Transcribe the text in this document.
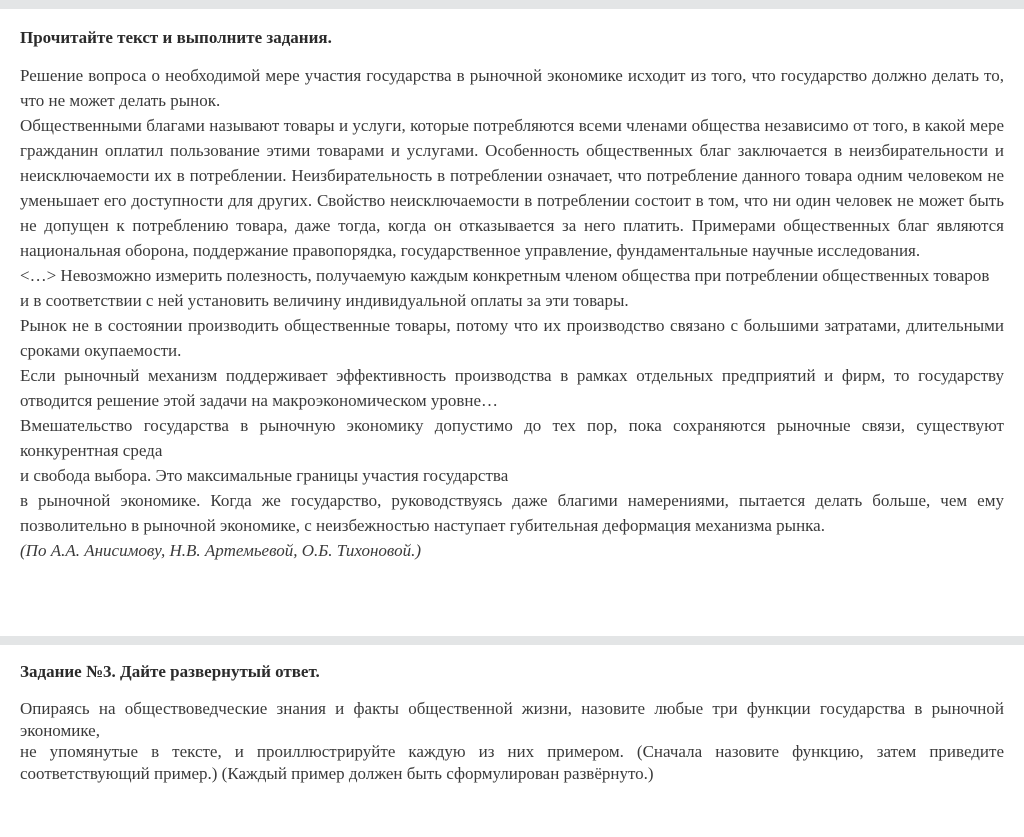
Прочитайте текст и выполните задания.

Решение вопроса о необходимой мере участия государства в рыночной экономике исходит из того, что государство должно делать то, что не может делать рынок.

Общественными благами называют товары и услуги, которые потребляются всеми членами общества независимо от того, в какой мере гражданин оплатил пользование этими товарами и услугами. Особенность общественных благ заключается в неизбирательности и неисключаемости их в потреблении. Неизбирательность в потреблении означает, что потребление данного товара одним человеком не уменьшает его доступности для других. Свойство неисключаемости в потреблении состоит в том, что ни один человек не может быть не допущен к потреблению товара, даже тогда, когда он отказывается за него платить. Примерами общественных благ являются национальная оборона, поддержание правопорядка, государственное управление, фундаментальные научные исследования.

<…> Невозможно измерить полезность, получаемую каждым конкретным членом общества при потреблении общественных товаров

и в соответствии с ней установить величину индивидуальной оплаты за эти товары.

Рынок не в состоянии производить общественные товары, потому что их производство связано с большими затратами, длительными сроками окупаемости.

Если рыночный механизм поддерживает эффективность производства в рамках отдельных предприятий и фирм, то государству отводится решение этой задачи на макроэкономическом уровне…

Вмешательство государства в рыночную экономику допустимо до тех пор, пока сохраняются рыночные связи, существуют конкурентная среда

и свобода выбора. Это максимальные границы участия государства

в рыночной экономике. Когда же государство, руководствуясь даже благими намерениями, пытается делать больше, чем ему позволительно в рыночной экономике, с неизбежностью наступает губительная деформация механизма рынка.

(По А.А. Анисимову, Н.В. Артемьевой, О.Б. Тихоновой.)

Задание №3. Дайте развернутый ответ.

Опираясь на обществоведческие знания и факты общественной жизни, назовите любые три функции государства в рыночной экономике,

не упомянутые в тексте, и проиллюстрируйте каждую из них примером. (Сначала назовите функцию, затем приведите соответствующий пример.) (Каждый пример должен быть сформулирован развёрнуто.)
